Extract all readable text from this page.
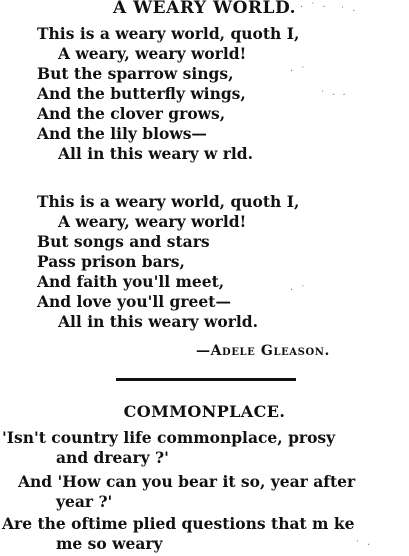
A WEARY WORLD.
This is a weary world, quoth I,
A weary, weary world!
But the sparrow sings,
And the butterfly wings,
And the clover grows,
And the lily blows—
All in this weary w rld.
This is a weary world, quoth I,
A weary, weary world!
But songs and stars
Pass prison bars,
And faith you'll meet,
And love you'll greet—
All in this weary world.
—Adele Gleason.
COMMONPLACE.
'Isn't country life commonplace, prosy
and dreary ?'
And 'How can you bear it so, year after
year ?'
Are the oftime plied questions that m ke
me so weary
· ˙ · ˙ ·
· ˙
˙ · ·
· ˙
˙ ·
